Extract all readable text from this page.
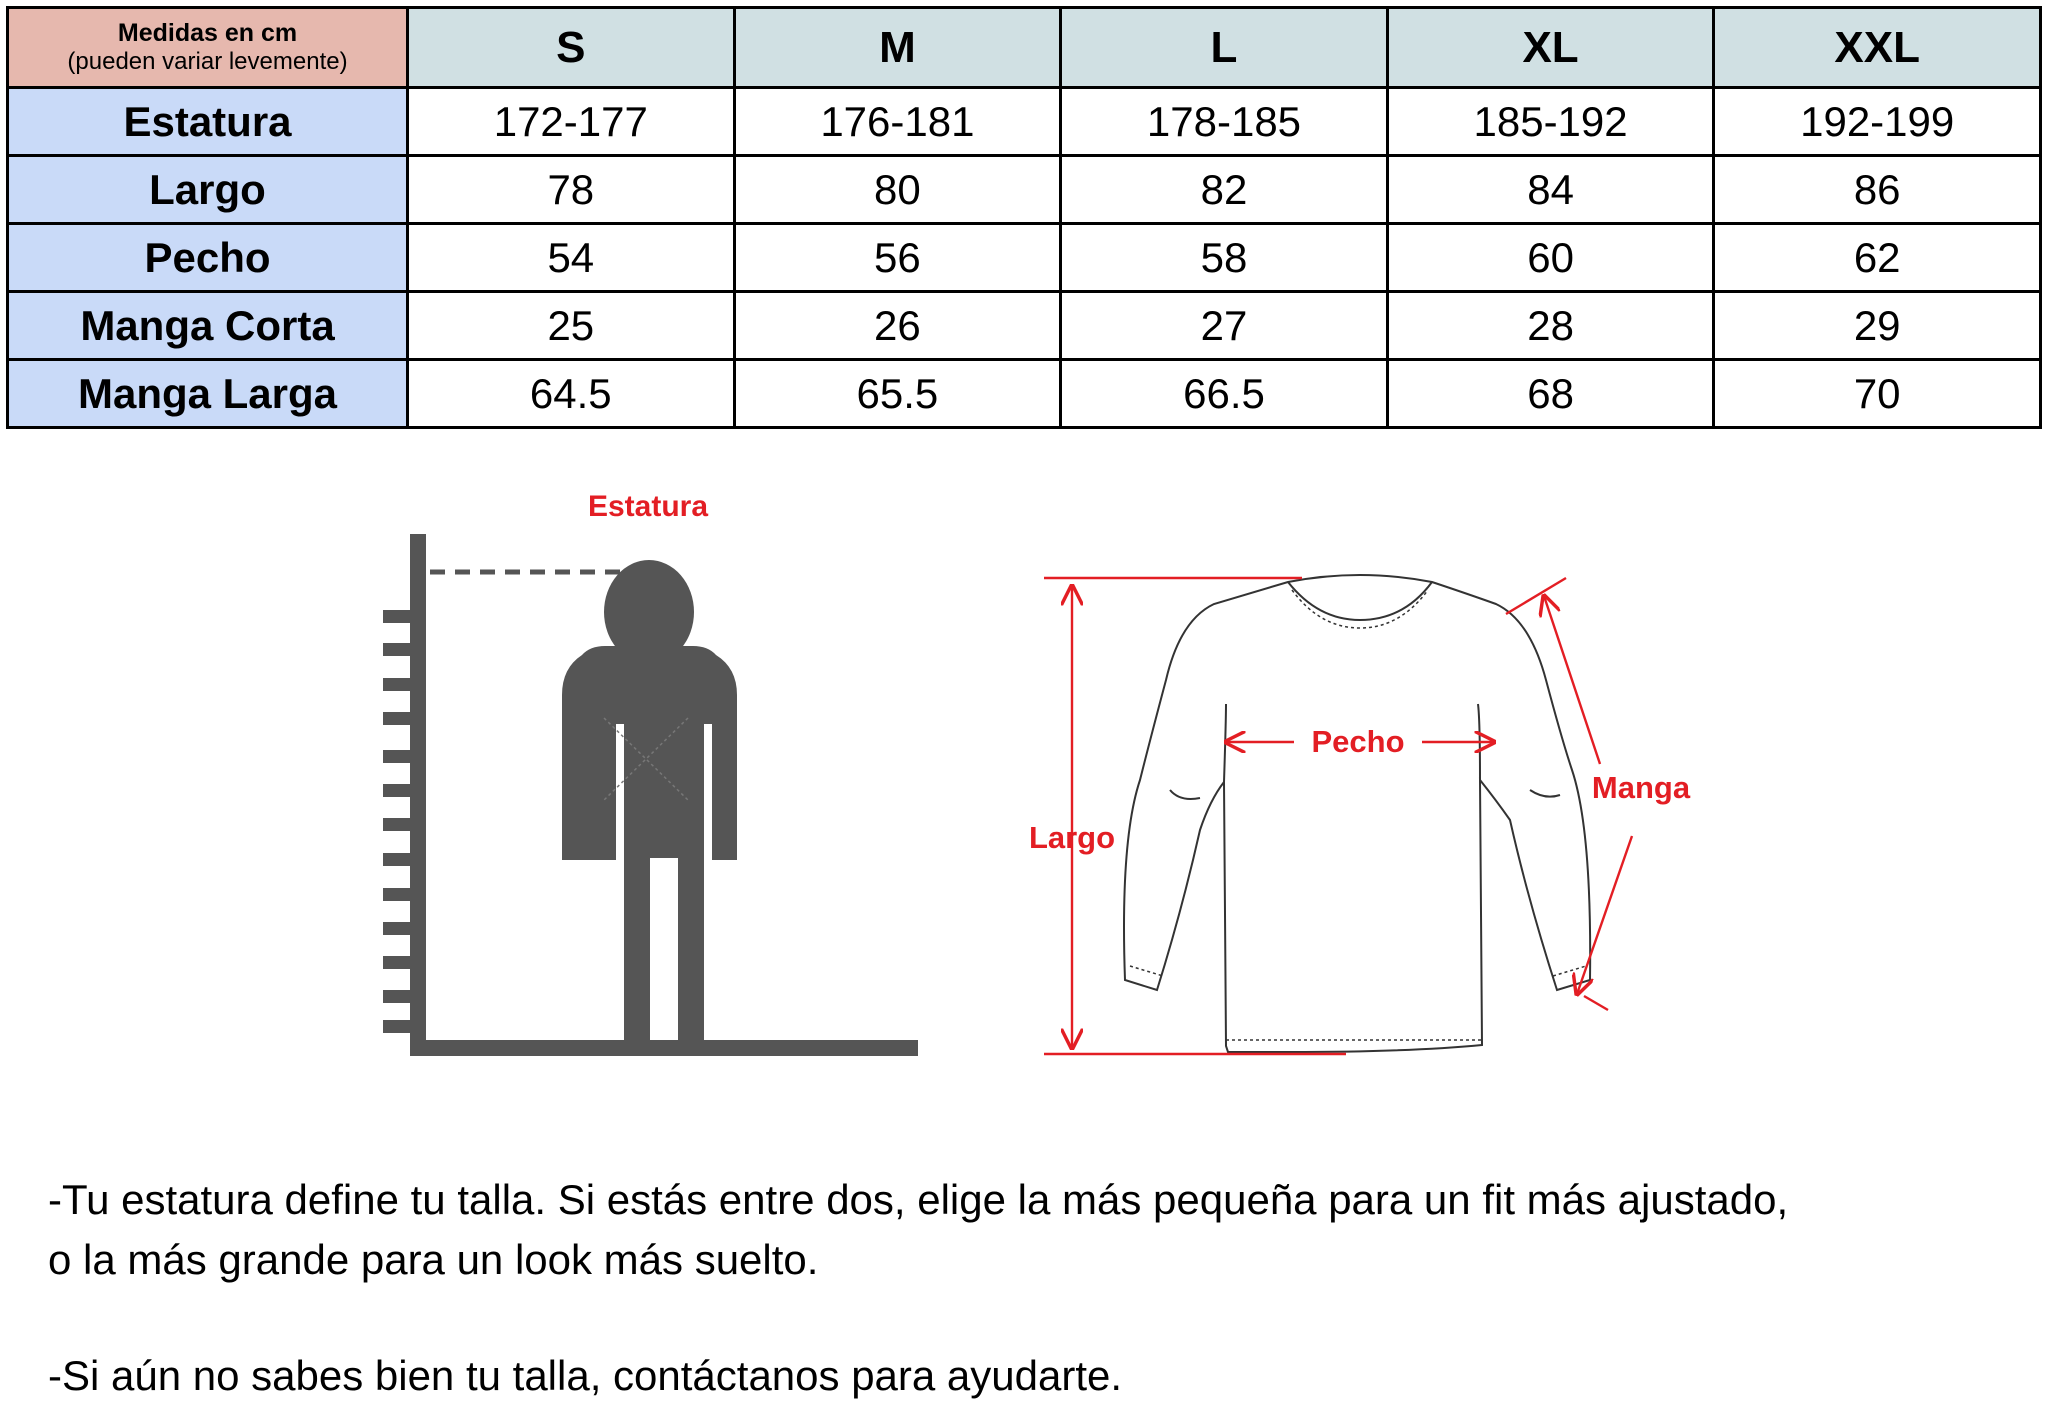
Medidas en cm
(pueden variar levemente)	S	M	L	XL	XXL
Estatura	172-177	176-181	178-185	185-192	192-199
Largo	78	80	82	84	86
Pecho	54	56	58	60	62
Manga Corta	25	26	27	28	29
Manga Larga	64.5	65.5	66.5	68	70
Estatura
Pecho
Largo
Manga

-Tu estatura define tu talla. Si estás entre dos, elige la más pequeña para un fit más ajustado,

o la más grande para un look más suelto.

-Si aún no sabes bien tu talla, contáctanos para ayudarte.
